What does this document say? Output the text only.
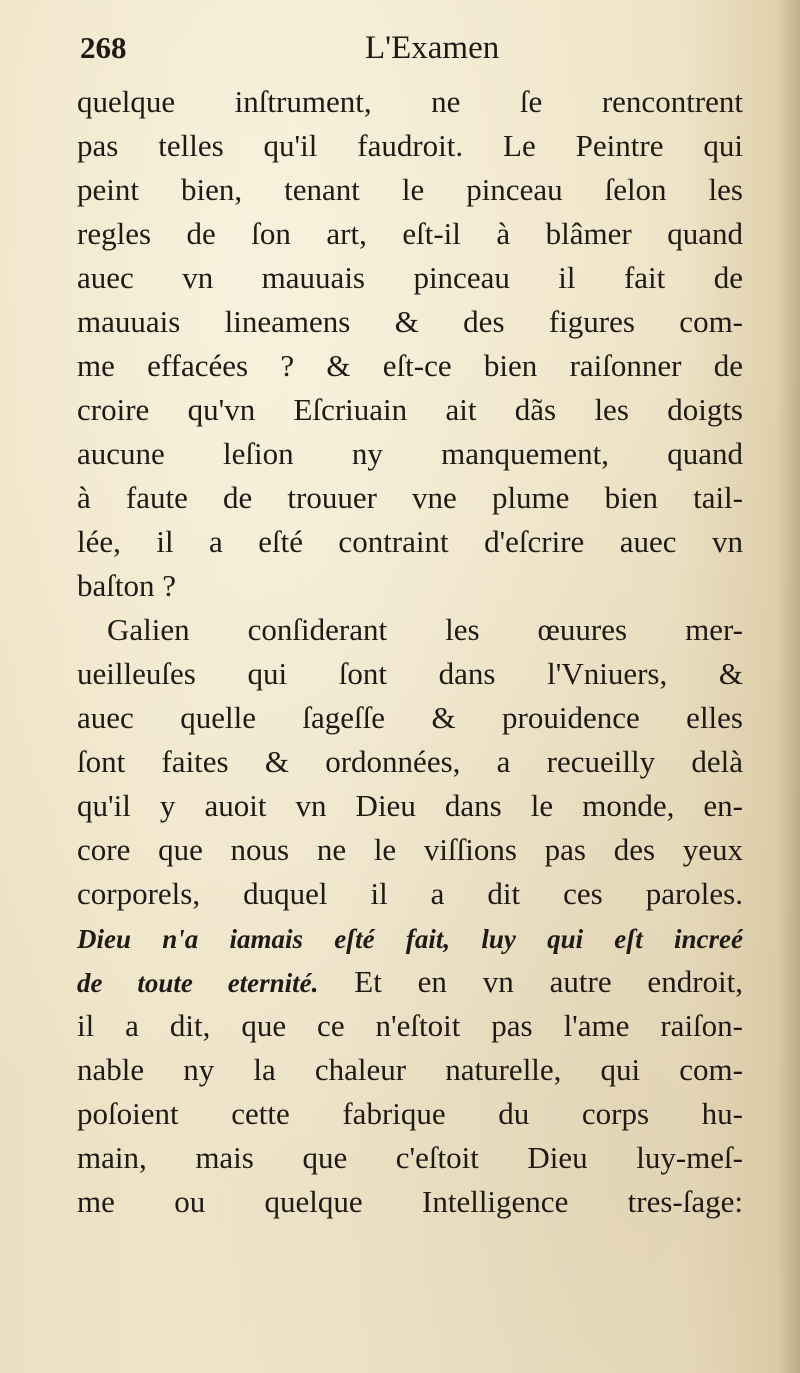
268	L'Examen
quelque inſtrument, ne ſe rencontrent
pas telles qu'il faudroit. Le Peintre qui
peint bien, tenant le pinceau ſelon les
regles de ſon art, eſt-il à blâmer quand
auec vn mauuais pinceau il fait de
mauuais lineamens & des figures com-
me effacées ? & eſt-ce bien raiſonner de
croire qu'vn Eſcriuain ait dãs les doigts
aucune leſion ny manquement, quand
à faute de trouuer vne plume bien tail-
lée, il a eſté contraint d'eſcrire auec vn
baſton ?
Galien conſiderant les œuures mer-
ueilleuſes qui ſont dans l'Vniuers, &
auec quelle ſageſſe & prouidence elles
ſont faites & ordonnées, a recueilly delà
qu'il y auoit vn Dieu dans le monde, en-
core que nous ne le viſſions pas des yeux
corporels, duquel il a dit ces paroles.
Dieu n'a iamais eſté fait, luy qui eſt increé
de toute eternité. Et en vn autre endroit,
il a dit, que ce n'eſtoit pas l'ame raiſon-
nable ny la chaleur naturelle, qui com-
poſoient cette fabrique du corps hu-
main, mais que c'eſtoit Dieu luy-meſ-
me ou quelque Intelligence tres-ſage:
